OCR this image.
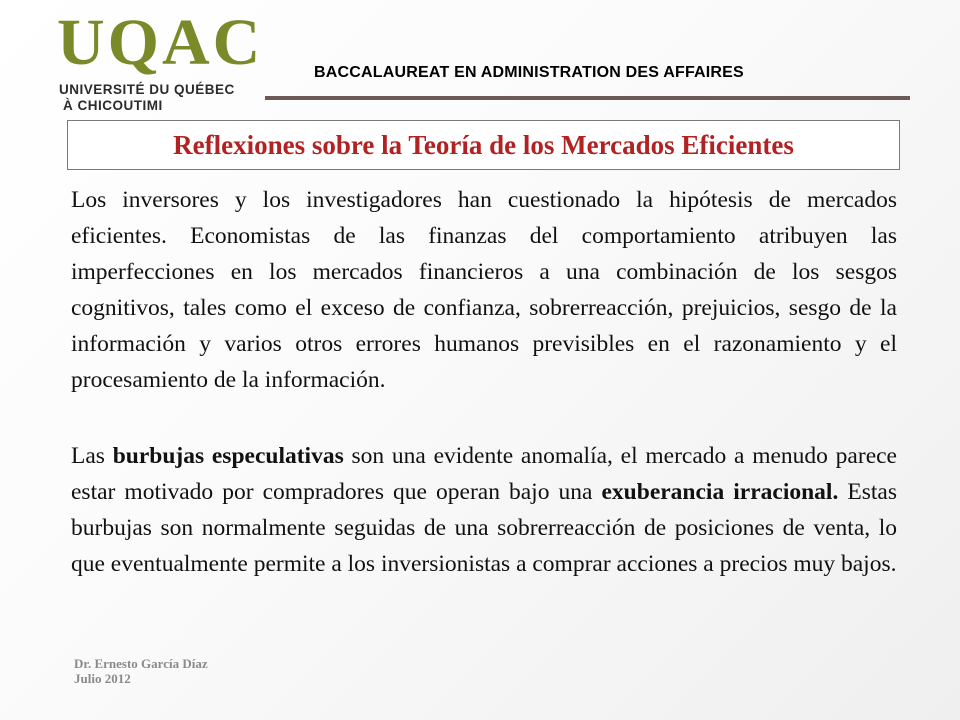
UQAC
UNIVERSITÉ DU QUÉBEC
À CHICOUTIMI
BACCALAUREAT EN ADMINISTRATION DES AFFAIRES
Reflexiones sobre la Teoría de los Mercados Eficientes

Los inversores y los investigadores han cuestionado la hipótesis de mercados eficientes. Economistas de las finanzas del comportamiento atribuyen las imperfecciones en los mercados financieros a una combinación de los sesgos cognitivos, tales como el exceso de confianza, sobrerreacción, prejuicios, sesgo de la información y varios otros errores humanos previsibles en el razonamiento y el procesamiento de la información.

Las burbujas especulativas son una evidente anomalía, el mercado a menudo parece estar motivado por compradores que operan bajo una exuberancia irracional. Estas burbujas son normalmente seguidas de una sobrerreacción de posiciones de venta, lo que eventualmente permite a los inversionistas a comprar acciones a precios muy bajos.

Dr. Ernesto García Díaz
Julio 2012
